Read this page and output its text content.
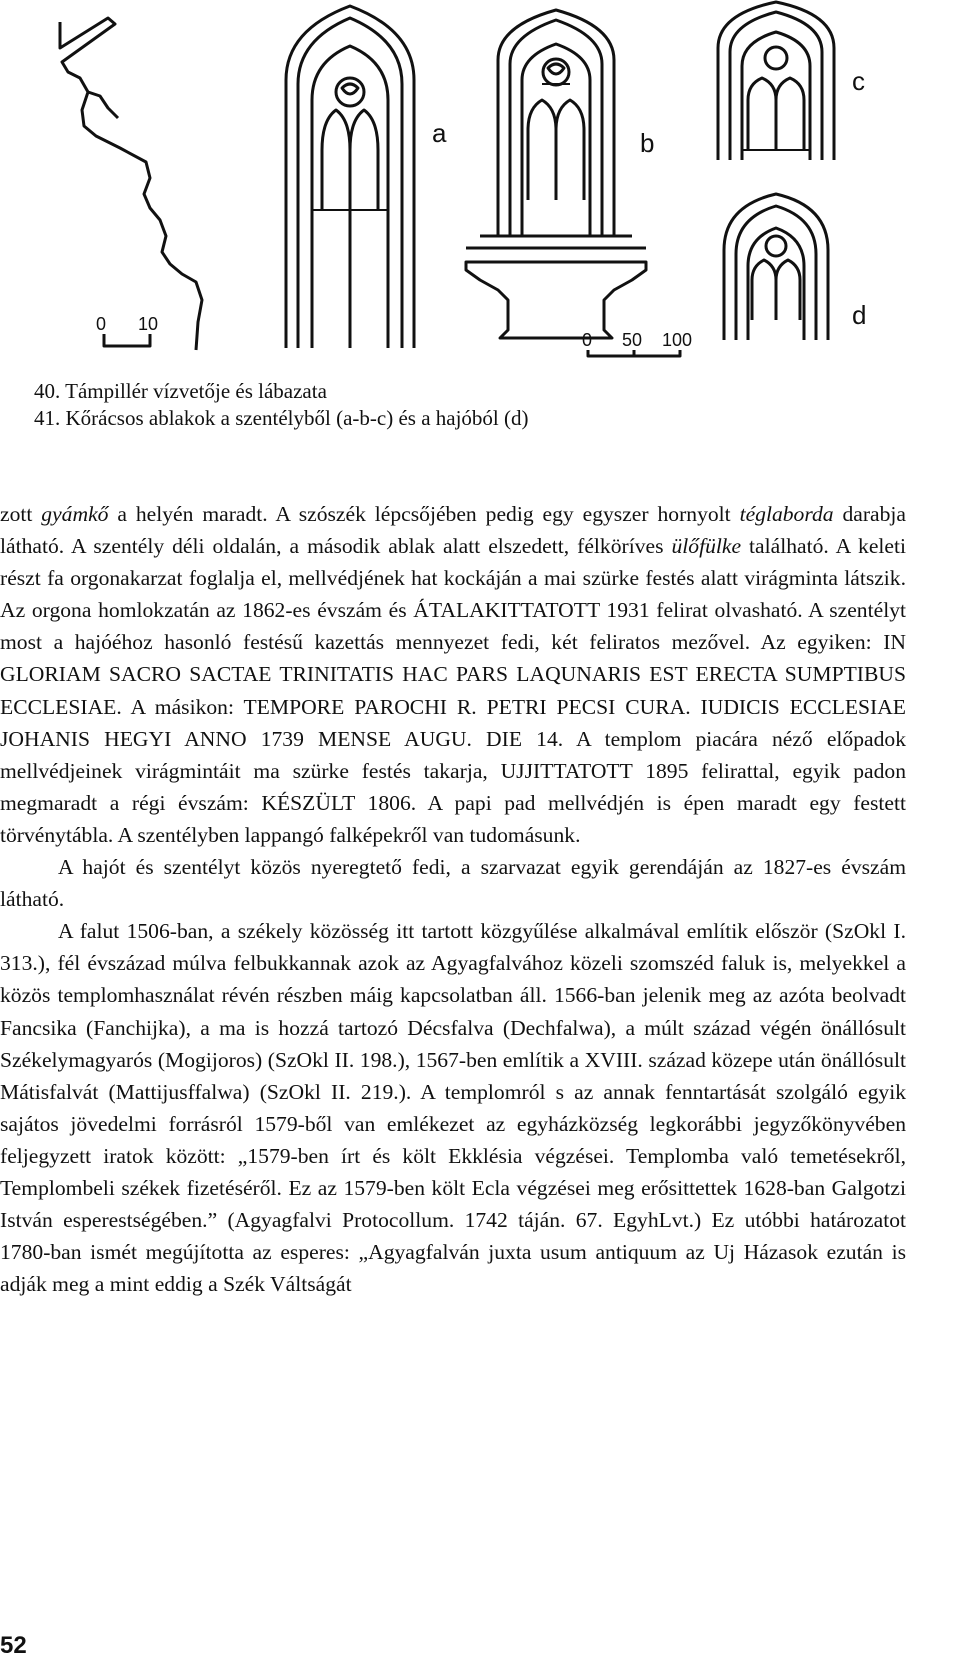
a	b
c
d
0 10
0 50 100
40. Támpillér vízvetője és lábazata
41. Kőrácsos ablakok a szentélyből (a-b-c) és a hajóból (d)

zott gyámkő a helyén maradt. A szószék lépcsőjében pedig egy egyszer hornyolt téglaborda darabja látható. A szentély déli oldalán, a második ablak alatt elszedett, félköríves ülőfülke található. A keleti részt fa orgonakarzat foglalja el, mellvédjének hat kockáján a mai szürke festés alatt virágminta látszik. Az orgona homlokzatán az 1862-es évszám és ÁTALAKITTATOTT 1931 felirat olvasható. A szentélyt most a hajóéhoz hasonló festésű kazettás mennyezet fedi, két feliratos mezővel. Az egyiken: IN GLORIAM SACRO SACTAE TRINITATIS HAC PARS LAQUNARIS EST ERECTA SUMPTIBUS ECCLESIAE. A másikon: TEMPORE PAROCHI R. PETRI PECSI CURA. IUDICIS ECCLESIAE JOHANIS HEGYI ANNO 1739 MENSE AUGU. DIE 14. A templom piacára néző előpadok mellvédjeinek virágmintáit ma szürke festés takarja, UJJITTATOTT 1895 felirattal, egyik padon megmaradt a régi évszám: KÉSZÜLT 1806. A papi pad mellvédjén is épen maradt egy festett törvénytábla. A szentélyben lappangó falképekről van tudomásunk.

A hajót és szentélyt közös nyeregtető fedi, a szarvazat egyik gerendáján az 1827-es évszám látható.

A falut 1506-ban, a székely közösség itt tartott közgyűlése alkalmával említik először (SzOkl I. 313.), fél évszázad múlva felbukkannak azok az Agyagfalvához közeli szomszéd faluk is, melyekkel a közös templomhasználat révén részben máig kapcsolatban áll. 1566-ban jelenik meg az azóta beolvadt Fancsika (Fanchijka), a ma is hozzá tartozó Décsfalva (Dechfalwa), a múlt század végén önállósult Székelymagyarós (Mogijoros) (SzOkl II. 198.), 1567-ben említik a XVIII. század közepe után önállósult Mátisfalvát (Mattijusffalwa) (SzOkl II. 219.). A templomról s az annak fenntartását szolgáló egyik sajátos jövedelmi forrásról 1579-ből van emlékezet az egyházközség legkorábbi jegyzőkönyvében feljegyzett iratok között: „1579-ben írt és költ Ekklésia végzései. Templomba való temetésekről, Templombeli székek fizetéséről. Ez az 1579-ben költ Ecla végzései meg erősittettek 1628-ban Galgotzi István esperestségében.” (Agyagfalvi Protocollum. 1742 táján. 67. EgyhLvt.) Ez utóbbi határozatot 1780-ban ismét megújította az esperes: „Agyagfalván juxta usum antiquum az Uj Házasok ezután is adják meg a mint eddig a Szék Váltságát

52
